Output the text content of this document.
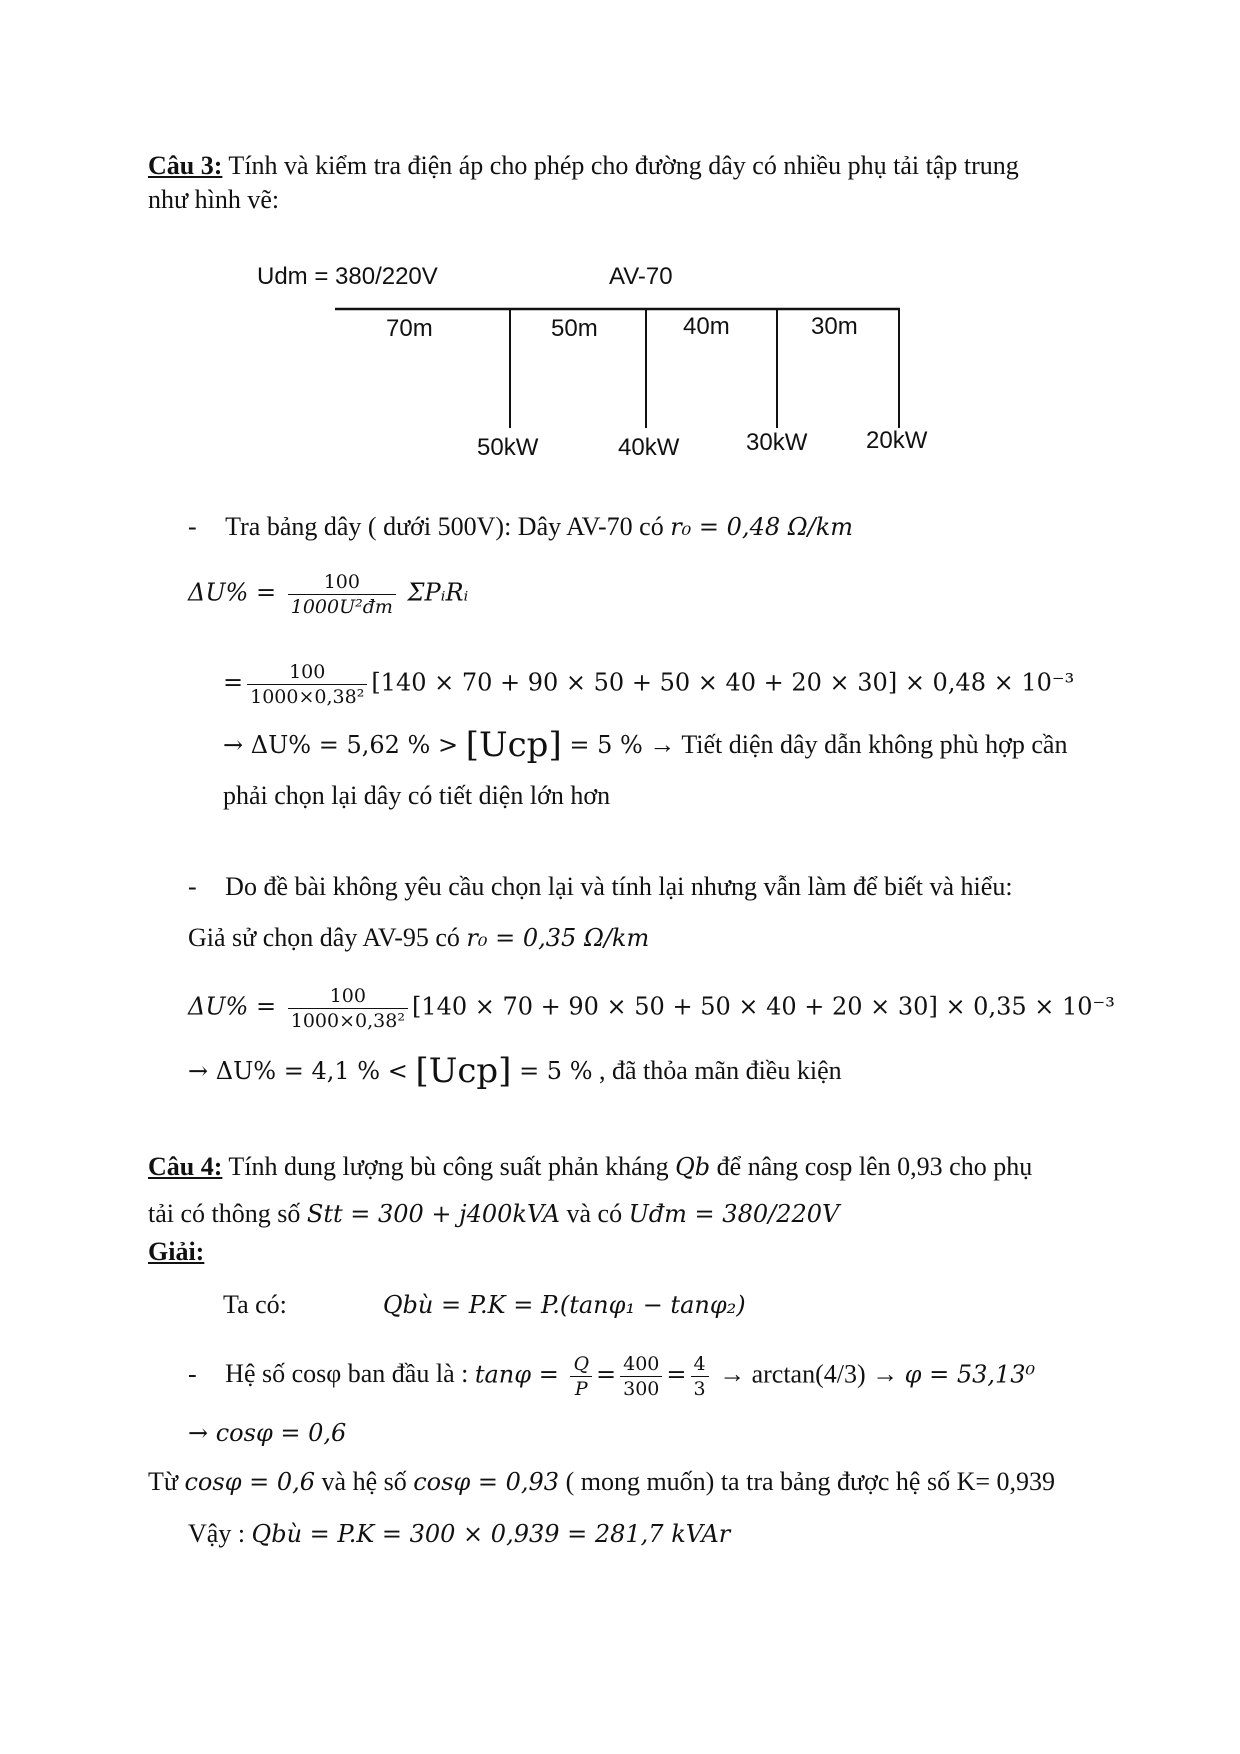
Câu 3: Tính và kiểm tra điện áp cho phép cho đường dây có nhiều phụ tải tập trung
như hình vẽ:
Udm = 380/220V	AV-70
70m	50m	40m	30m
50kW	40kW	30kW 20kW
- Tra bảng dây ( dưới 500V): Dây AV-70 có r₀ = 0,48 Ω/km
$\Delta U\% = \frac{100}{\text{1000U²đm}}$ ΣPᵢRᵢ
= $\frac{100}{\text{1000×0,38²}} [140 \times 70 + 90 \times 50 + 50 \times 40 + 20 \times 30] \times 0,48 \times 10^{-3}$
→ ΔU% = 5,62 % > [Ucp] = 5 % → Tiết diện dây dẫn không phù hợp cần
phải chọn lại dây có tiết diện lớn hơn
- Do đề bài không yêu cầu chọn lại và tính lại nhưng vẫn làm để biết và hiểu:
Giả sử chọn dây AV-95 có r₀ = 0,35 Ω/km
$\Delta U\% = \frac{100}{\text{1000×0,38²}} [140 \times 70 + 90 \times 50 + 50 \times 40 + 20 \times 30] \times 0,35 \times 10^{-3}$
→ ΔU% = 4,1 % < [Ucp] = 5 % , đã thỏa mãn điều kiện
Câu 4: Tính dung lượng bù công suất phản kháng Qb để nâng cosp lên 0,93 cho phụ
tải có thông số Stt = 300 + j400kVA và có Uđm = 380/220V
Giải:
Ta có:	Qbù = P.K = P.(tanφ₁ − tanφ₂)
- Hệ số cosφ ban đầu là : $\tan\varphi = \frac{Q}{P} = \frac{400}{300} = \frac{4}{3} \to \arctan(4/3) \to \varphi = 53,13^0$
→ cosφ = 0,6
Từ cosφ = 0,6 và hệ số cosφ = 0,93 ( mong muốn) ta tra bảng được hệ số K= 0,939
Vậy : Qbù = P.K = 300 × 0,939 = 281,7 kVAr
